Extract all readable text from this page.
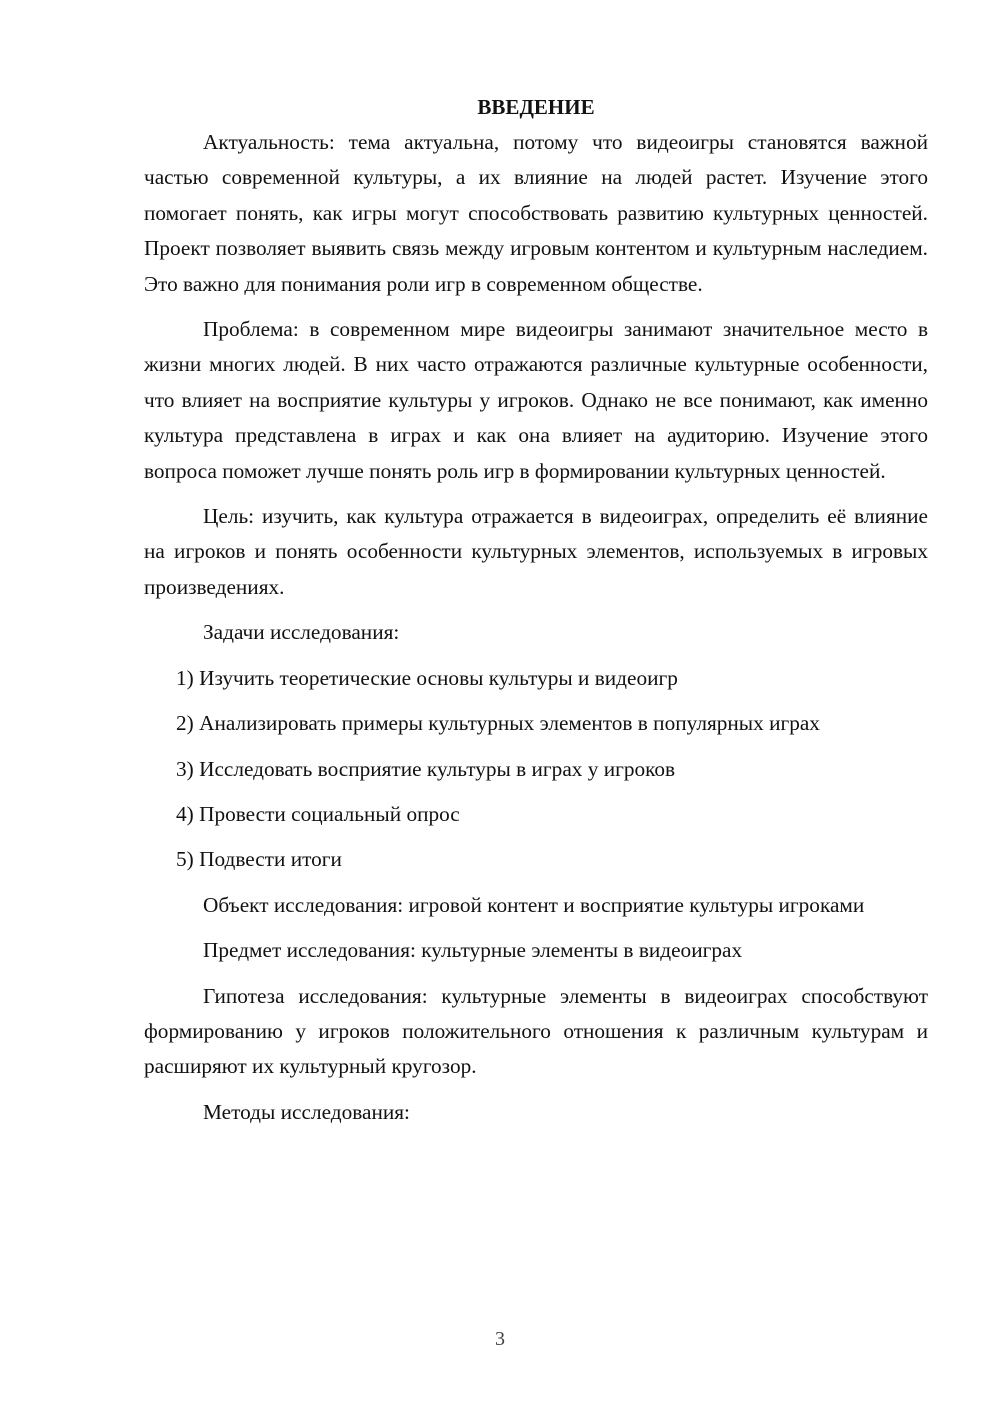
ВВЕДЕНИЕ

Актуальность: тема актуальна, потому что видеоигры становятся важной частью современной культуры, а их влияние на людей растет. Изучение этого помогает понять, как игры могут способствовать развитию культурных ценностей. Проект позволяет выявить связь между игровым контентом и культурным наследием. Это важно для понимания роли игр в современном обществе.

Проблема: в современном мире видеоигры занимают значительное место в жизни многих людей. В них часто отражаются различные культурные особенности, что влияет на восприятие культуры у игроков. Однако не все понимают, как именно культура представлена в играх и как она влияет на аудиторию. Изучение этого вопроса поможет лучше понять роль игр в формировании культурных ценностей.

Цель: изучить, как культура отражается в видеоиграх, определить её влияние на игроков и понять особенности культурных элементов, используемых в игровых произведениях.

Задачи исследования:

1) Изучить теоретические основы культуры и видеоигр

2) Анализировать примеры культурных элементов в популярных играх

3) Исследовать восприятие культуры в играх у игроков

4) Провести социальный опрос

5) Подвести итоги

Объект исследования: игровой контент и восприятие культуры игроками

Предмет исследования: культурные элементы в видеоиграх

Гипотеза исследования: культурные элементы в видеоиграх способствуют формированию у игроков положительного отношения к различным культурам и расширяют их культурный кругозор.

Методы исследования:

3
